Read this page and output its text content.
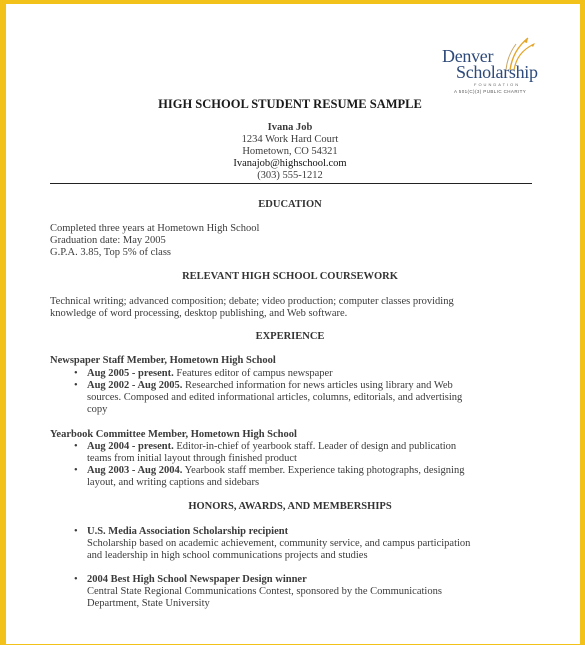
Denver
Scholarship
FOUNDATION
A 501(C)(3) PUBLIC CHARITY
HIGH SCHOOL STUDENT RESUME SAMPLE
Ivana Job
1234 Work Hard Court
Hometown, CO 54321
Ivanajob@highschool.com
(303) 555-1212
EDUCATION
Completed three years at Hometown High School
Graduation date: May 2005
G.P.A. 3.85, Top 5% of class
RELEVANT HIGH SCHOOL COURSEWORK
Technical writing; advanced composition; debate; video production; computer classes providing
knowledge of word processing, desktop publishing, and Web software.
EXPERIENCE
Newspaper Staff Member, Hometown High School
• Aug 2005 - present. Features editor of campus newspaper
• Aug 2002 - Aug 2005. Researched information for news articles using library and Web
sources. Composed and edited informational articles, columns, editorials, and advertising
copy
Yearbook Committee Member, Hometown High School
• Aug 2004 - present. Editor-in-chief of yearbook staff. Leader of design and publication
teams from initial layout through finished product
• Aug 2003 - Aug 2004. Yearbook staff member. Experience taking photographs, designing
layout, and writing captions and sidebars
HONORS, AWARDS, AND MEMBERSHIPS
• U.S. Media Association Scholarship recipient
Scholarship based on academic achievement, community service, and campus participation
and leadership in high school communications projects and studies
• 2004 Best High School Newspaper Design winner
Central State Regional Communications Contest, sponsored by the Communications
Department, State University
